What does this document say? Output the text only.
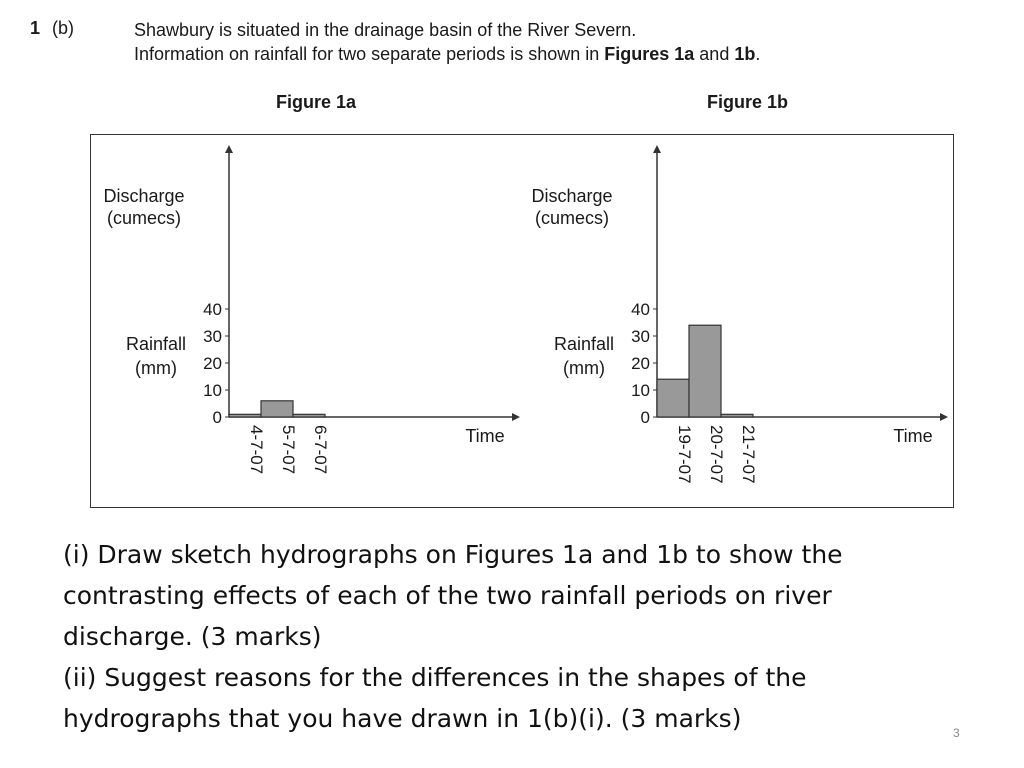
1 (b)	Shawbury is situated in the drainage basin of the River Severn.
Information on rainfall for two separate periods is shown in Figures 1a and 1b.
Figure 1a	Figure 1b
0
10
20
30
40
Discharge
(cumecs)
Rainfall
(mm)
4-7-07 5-7-07 6-7-07	Time
0
10
20
30
40
Discharge
(cumecs)
Rainfall
(mm)
19-7-07 20-7-07 21-7-07	Time

(i) Draw sketch hydrographs on Figures 1a and 1b to show the contrasting effects of each of the two rainfall periods on river discharge. (3 marks)

(ii) Suggest reasons for the differences in the shapes of the hydrographs that you have drawn in 1(b)(i). (3 marks)	3
